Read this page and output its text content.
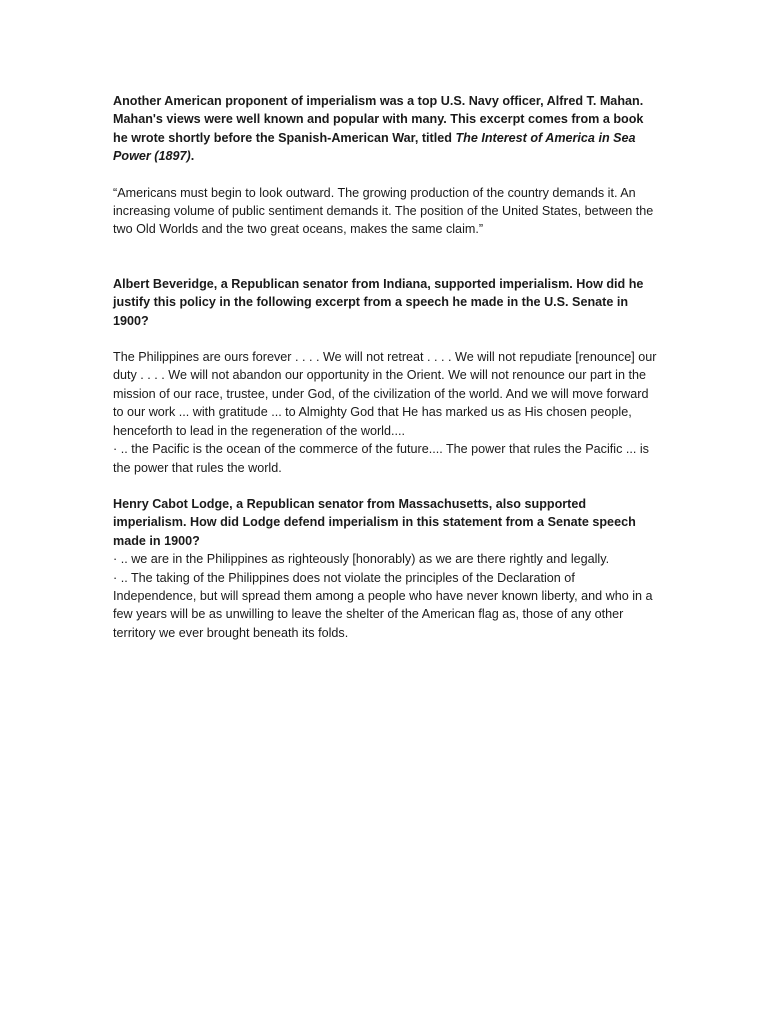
Another American proponent of imperialism was a top U.S. Navy officer, Alfred T. Mahan. Mahan's views were well known and popular with many. This excerpt comes from a book he wrote shortly before the Spanish-American War, titled The Interest of America in Sea Power (1897).

“Americans must begin to look outward. The growing production of the country demands it. An increasing volume of public sentiment demands it. The position of the United States, between the two Old Worlds and the two great oceans, makes the same claim.”

Albert Beveridge, a Republican senator from Indiana, supported imperialism. How did he justify this policy in the following excerpt from a speech he made in the U.S. Senate in 1900?

The Philippines are ours forever . . . . We will not retreat . . . . We will not repudiate [renounce] our duty . . . . We will not abandon our opportunity in the Orient. We will not renounce our part in the mission of our race, trustee, under God, of the civilization of the world. And we will move forward to our work ... with gratitude ... to Almighty God that He has marked us as His chosen people, henceforth to lead in the regeneration of the world....

· .. the Pacific is the ocean of the commerce of the future.... The power that rules the Pacific ... is the power that rules the world.

Henry Cabot Lodge, a Republican senator from Massachusetts, also supported imperialism. How did Lodge defend imperialism in this statement from a Senate speech made in 1900?

· .. we are in the Philippines as righteously [honorably) as we are there rightly and legally.

· .. The taking of the Philippines does not violate the principles of the Declaration of Independence, but will spread them among a people who have never known liberty, and who in a few years will be as unwilling to leave the shelter of the American flag as, those of any other territory we ever brought beneath its folds.
